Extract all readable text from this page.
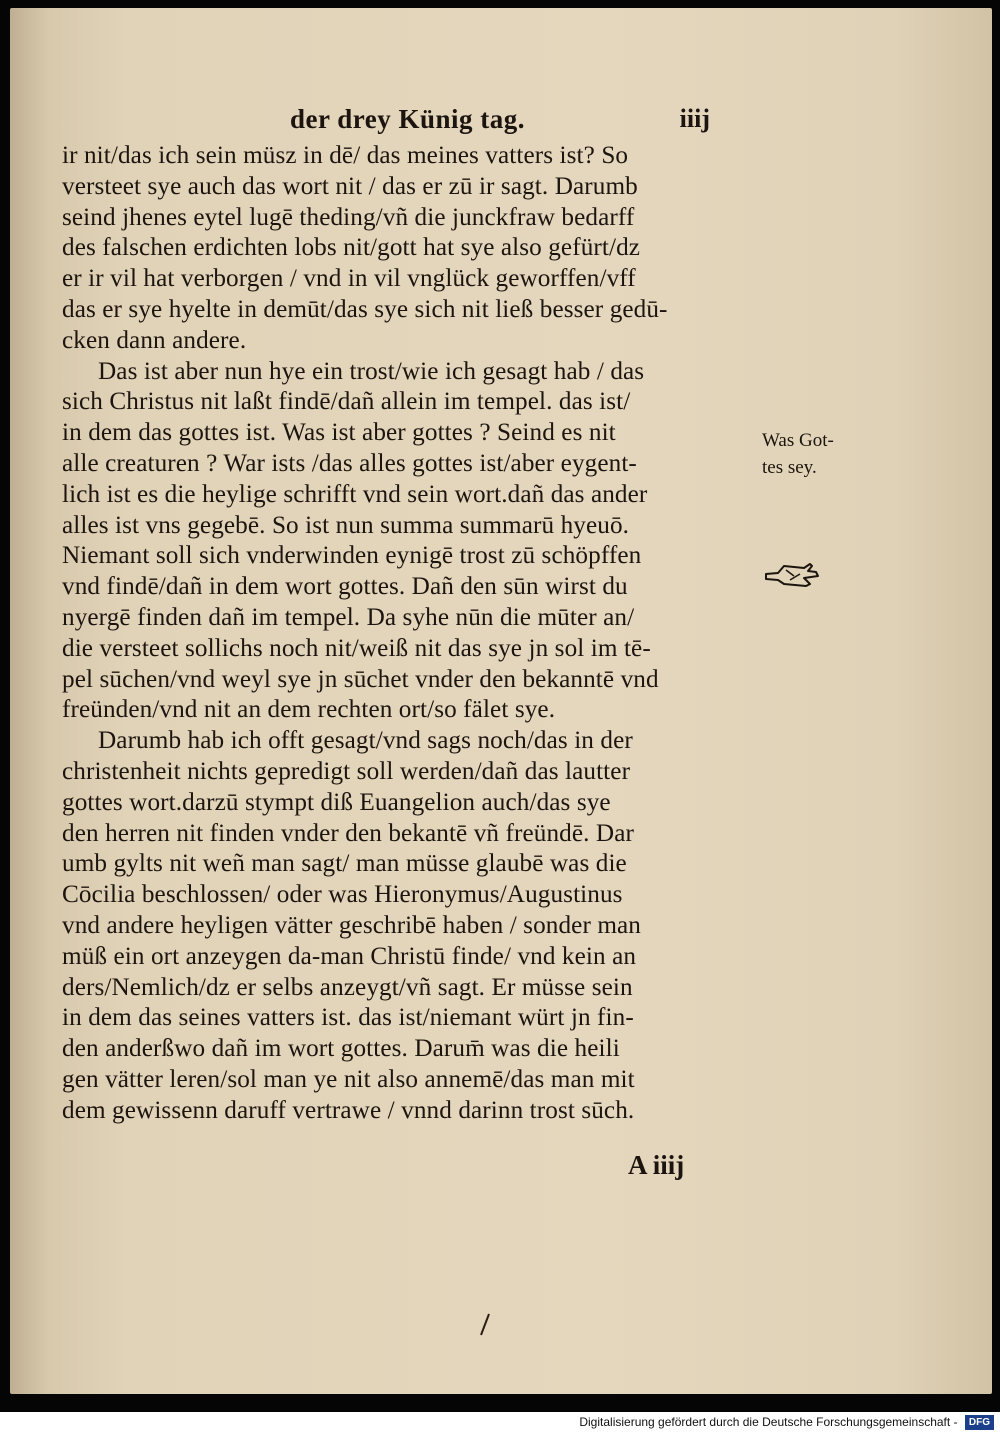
der drey Künig tag.	iiij
ir nit/das ich sein müsz in dē/ das meines vatters ist? So
versteet sye auch das wort nit / das er zū ir sagt. Darumb
seind jhenes eytel lugē theding/vñ die junckfraw bedarff
des falschen erdichten lobs nit/gott hat sye also gefürt/dz
er ir vil hat verborgen / vnd in vil vnglück geworffen/vff
das er sye hyelte in demūt/das sye sich nit ließ besser gedū-
cken dann andere.
Das ist aber nun hye ein trost/wie ich gesagt hab / das
sich Christus nit laßt findē/dañ allein im tempel. das ist/
in dem das gottes ist. Was ist aber gottes ? Seind es nit
alle creaturen ? War ists /das alles gottes ist/aber eygent-
lich ist es die heylige schrifft vnd sein wort.dañ das ander
alles ist vns gegebē. So ist nun summa summarū hyeuō.
Niemant soll sich vnderwinden eynigē trost zū schöpffen
vnd findē/dañ in dem wort gottes. Dañ den sūn wirst du
nyergē finden dañ im tempel. Da syhe nūn die mūter an/
die versteet sollichs noch nit/weiß nit das sye jn sol im tē-
pel sūchen/vnd weyl sye jn sūchet vnder den bekanntē vnd
freünden/vnd nit an dem rechten ort/so fälet sye.
Darumb hab ich offt gesagt/vnd sags noch/das in der
christenheit nichts gepredigt soll werden/dañ das lautter
gottes wort.darzū stympt diß Euangelion auch/das sye
den herren nit finden vnder den bekantē vñ freündē. Dar
umb gylts nit weñ man sagt/ man müsse glaubē was die
Cōcilia beschlossen/ oder was Hieronymus/Augustinus
vnd andere heyligen vätter geschribē haben / sonder man
müß ein ort anzeygen da-man Christū finde/ vnd kein an
ders/Nemlich/dz er selbs anzeygt/vñ sagt. Er müsse sein
in dem das seines vatters ist. das ist/niemant würt jn fin-
den anderßwo dañ im wort gottes. Darum̄ was die heili
gen vätter leren/sol man ye nit also annemē/das man mit
dem gewissenn daruff vertrawe / vnnd darinn trost sūch.
Was Got-
tes sey.
A iiij
Digitalisierung gefördert durch die Deutsche Forschungsgemeinschaft - DFG
